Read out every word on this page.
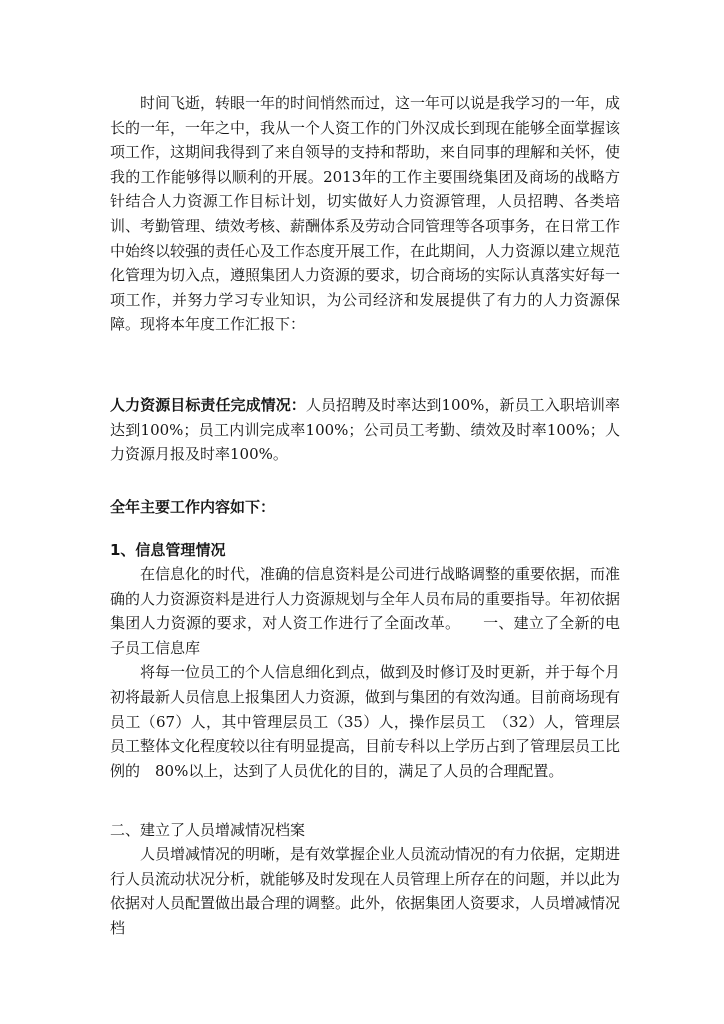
时间飞逝，转眼一年的时间悄然而过，这一年可以说是我学习的一年，成长的一年，一年之中，我从一个人资工作的门外汉成长到现在能够全面掌握该项工作，这期间我得到了来自领导的支持和帮助，来自同事的理解和关怀，使我的工作能够得以顺利的开展。2013年的工作主要围绕集团及商场的战略方针结合人力资源工作目标计划，切实做好人力资源管理，人员招聘、各类培训、考勤管理、绩效考核、薪酬体系及劳动合同管理等各项事务，在日常工作中始终以较强的责任心及工作态度开展工作，在此期间，人力资源以建立规范化管理为切入点，遵照集团人力资源的要求，切合商场的实际认真落实好每一项工作，并努力学习专业知识，为公司经济和发展提供了有力的人力资源保障。现将本年度工作汇报下：

人力资源目标责任完成情况：人员招聘及时率达到100%，新员工入职培训率达到100%；员工内训完成率100%；公司员工考勤、绩效及时率100%；人力资源月报及时率100%。

全年主要工作内容如下：
1、信息管理情况

在信息化的时代，准确的信息资料是公司进行战略调整的重要依据，而准确的人力资源资料是进行人力资源规划与全年人员布局的重要指导。年初依据集团人力资源的要求，对人资工作进行了全面改革。　　一、建立了全新的电子员工信息库

将每一位员工的个人信息细化到点，做到及时修订及时更新，并于每个月初将最新人员信息上报集团人力资源，做到与集团的有效沟通。目前商场现有员工（67）人，其中管理层员工（35）人，操作层员工　（32）人，管理层员工整体文化程度较以往有明显提高，目前专科以上学历占到了管理层员工比例的　80%以上，达到了人员优化的目的，满足了人员的合理配置。

二、建立了人员增减情况档案

人员增减情况的明晰，是有效掌握企业人员流动情况的有力依据，定期进行人员流动状况分析，就能够及时发现在人员管理上所存在的问题，并以此为依据对人员配置做出最合理的调整。此外，依据集团人资要求，人员增减情况档
